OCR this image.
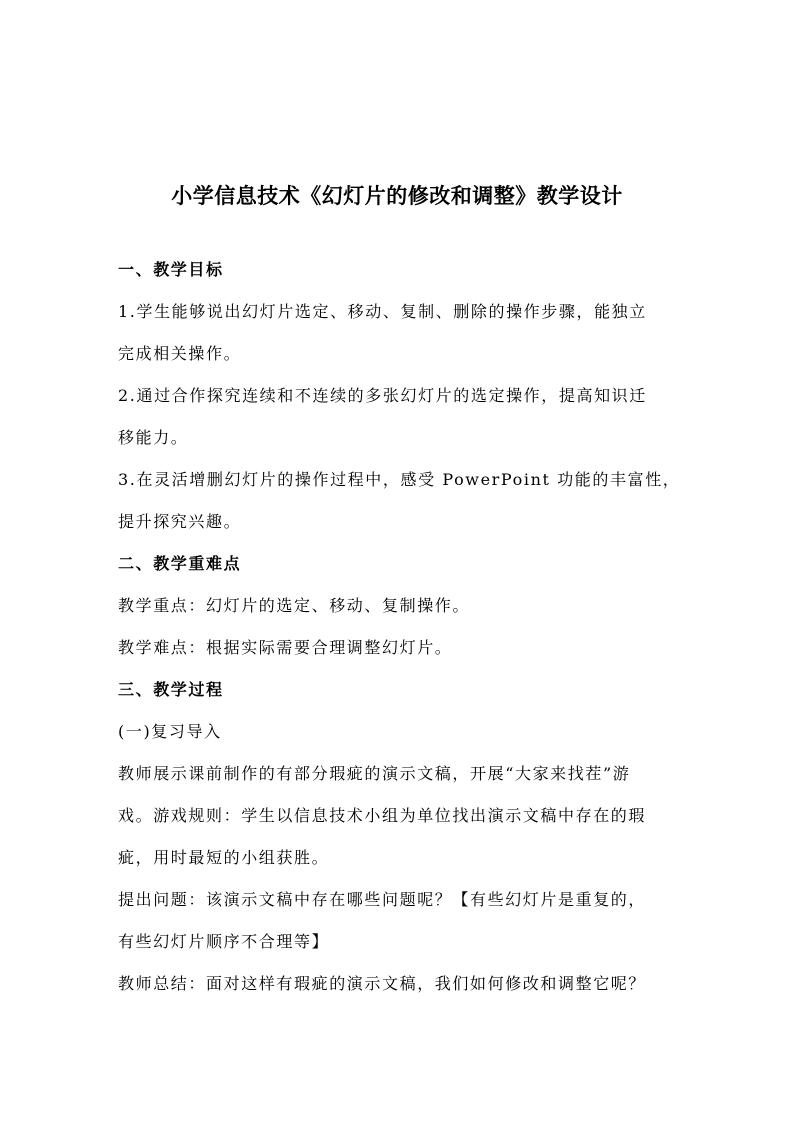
小学信息技术《幻灯片的修改和调整》教学设计
一、教学目标
1.学生能够说出幻灯片选定、移动、复制、删除的操作步骤，能独立
完成相关操作。
2.通过合作探究连续和不连续的多张幻灯片的选定操作，提高知识迁
移能力。
3.在灵活增删幻灯片的操作过程中，感受 PowerPoint 功能的丰富性，
提升探究兴趣。
二、教学重难点
教学重点：幻灯片的选定、移动、复制操作。
教学难点：根据实际需要合理调整幻灯片。
三、教学过程
(一)复习导入
教师展示课前制作的有部分瑕疵的演示文稿，开展“大家来找茬”游
戏。游戏规则：学生以信息技术小组为单位找出演示文稿中存在的瑕
疵，用时最短的小组获胜。
提出问题：该演示文稿中存在哪些问题呢？【有些幻灯片是重复的，
有些幻灯片顺序不合理等】
教师总结：面对这样有瑕疵的演示文稿，我们如何修改和调整它呢？
